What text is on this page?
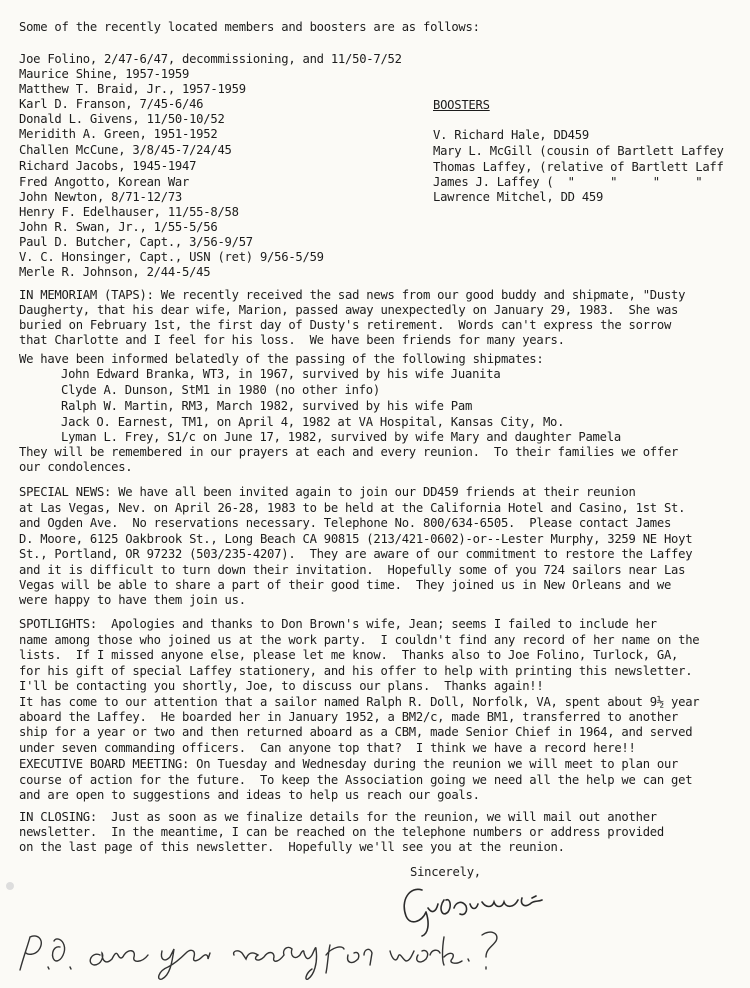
Some of the recently located members and boosters are as follows:
Joe Folino, 2/47-6/47, decommissioning, and 11/50-7/52
Maurice Shine, 1957-1959
Matthew T. Braid, Jr., 1957-1959
Karl D. Franson, 7/45-6/46
Donald L. Givens, 11/50-10/52
Meridith A. Green, 1951-1952
Challen McCune, 3/8/45-7/24/45
Richard Jacobs, 1945-1947
Fred Angotto, Korean War
John Newton, 8/71-12/73
Henry F. Edelhauser, 11/55-8/58
John R. Swan, Jr., 1/55-5/56
Paul D. Butcher, Capt., 3/56-9/57
V. C. Honsinger, Capt., USN (ret) 9/56-5/59
Merle R. Johnson, 2/44-5/45
BOOSTERS
V. Richard Hale, DD459
Mary L. McGill (cousin of Bartlett Laffey
Thomas Laffey, (relative of Bartlett Laff
James J. Laffey (  "     "     "     "
Lawrence Mitchel, DD 459
IN MEMORIAM (TAPS): We recently received the sad news from our good buddy and shipmate, "Dusty
Daugherty, that his dear wife, Marion, passed away unexpectedly on January 29, 1983.  She was
buried on February 1st, the first day of Dusty's retirement.  Words can't express the sorrow
that Charlotte and I feel for his loss.  We have been friends for many years.
We have been informed belatedly of the passing of the following shipmates:
John Edward Branka, WT3, in 1967, survived by his wife Juanita
Clyde A. Dunson, StM1 in 1980 (no other info)
Ralph W. Martin, RM3, March 1982, survived by his wife Pam
Jack O. Earnest, TM1, on April 4, 1982 at VA Hospital, Kansas City, Mo.
Lyman L. Frey, S1/c on June 17, 1982, survived by wife Mary and daughter Pamela
They will be remembered in our prayers at each and every reunion.  To their families we offer
our condolences.
SPECIAL NEWS: We have all been invited again to join our DD459 friends at their reunion
at Las Vegas, Nev. on April 26-28, 1983 to be held at the California Hotel and Casino, 1st St.
and Ogden Ave.  No reservations necessary. Telephone No. 800/634-6505.  Please contact James
D. Moore, 6125 Oakbrook St., Long Beach CA 90815 (213/421-0602)-or--Lester Murphy, 3259 NE Hoyt
St., Portland, OR 97232 (503/235-4207).  They are aware of our commitment to restore the Laffey
and it is difficult to turn down their invitation.  Hopefully some of you 724 sailors near Las
Vegas will be able to share a part of their good time.  They joined us in New Orleans and we
were happy to have them join us.
SPOTLIGHTS:  Apologies and thanks to Don Brown's wife, Jean; seems I failed to include her
name among those who joined us at the work party.  I couldn't find any record of her name on the
lists.  If I missed anyone else, please let me know.  Thanks also to Joe Folino, Turlock, GA,
for his gift of special Laffey stationery, and his offer to help with printing this newsletter.
I'll be contacting you shortly, Joe, to discuss our plans.  Thanks again!!
It has come to our attention that a sailor named Ralph R. Doll, Norfolk, VA, spent about 9½ year
aboard the Laffey.  He boarded her in January 1952, a BM2/c, made BM1, transferred to another
ship for a year or two and then returned aboard as a CBM, made Senior Chief in 1964, and served
under seven commanding officers.  Can anyone top that?  I think we have a record here!!
EXECUTIVE BOARD MEETING: On Tuesday and Wednesday during the reunion we will meet to plan our
course of action for the future.  To keep the Association going we need all the help we can get
and are open to suggestions and ideas to help us reach our goals.
IN CLOSING:  Just as soon as we finalize details for the reunion, we will mail out another
newsletter.  In the meantime, I can be reached on the telephone numbers or address provided
on the last page of this newsletter.  Hopefully we'll see you at the reunion.
Sincerely,
